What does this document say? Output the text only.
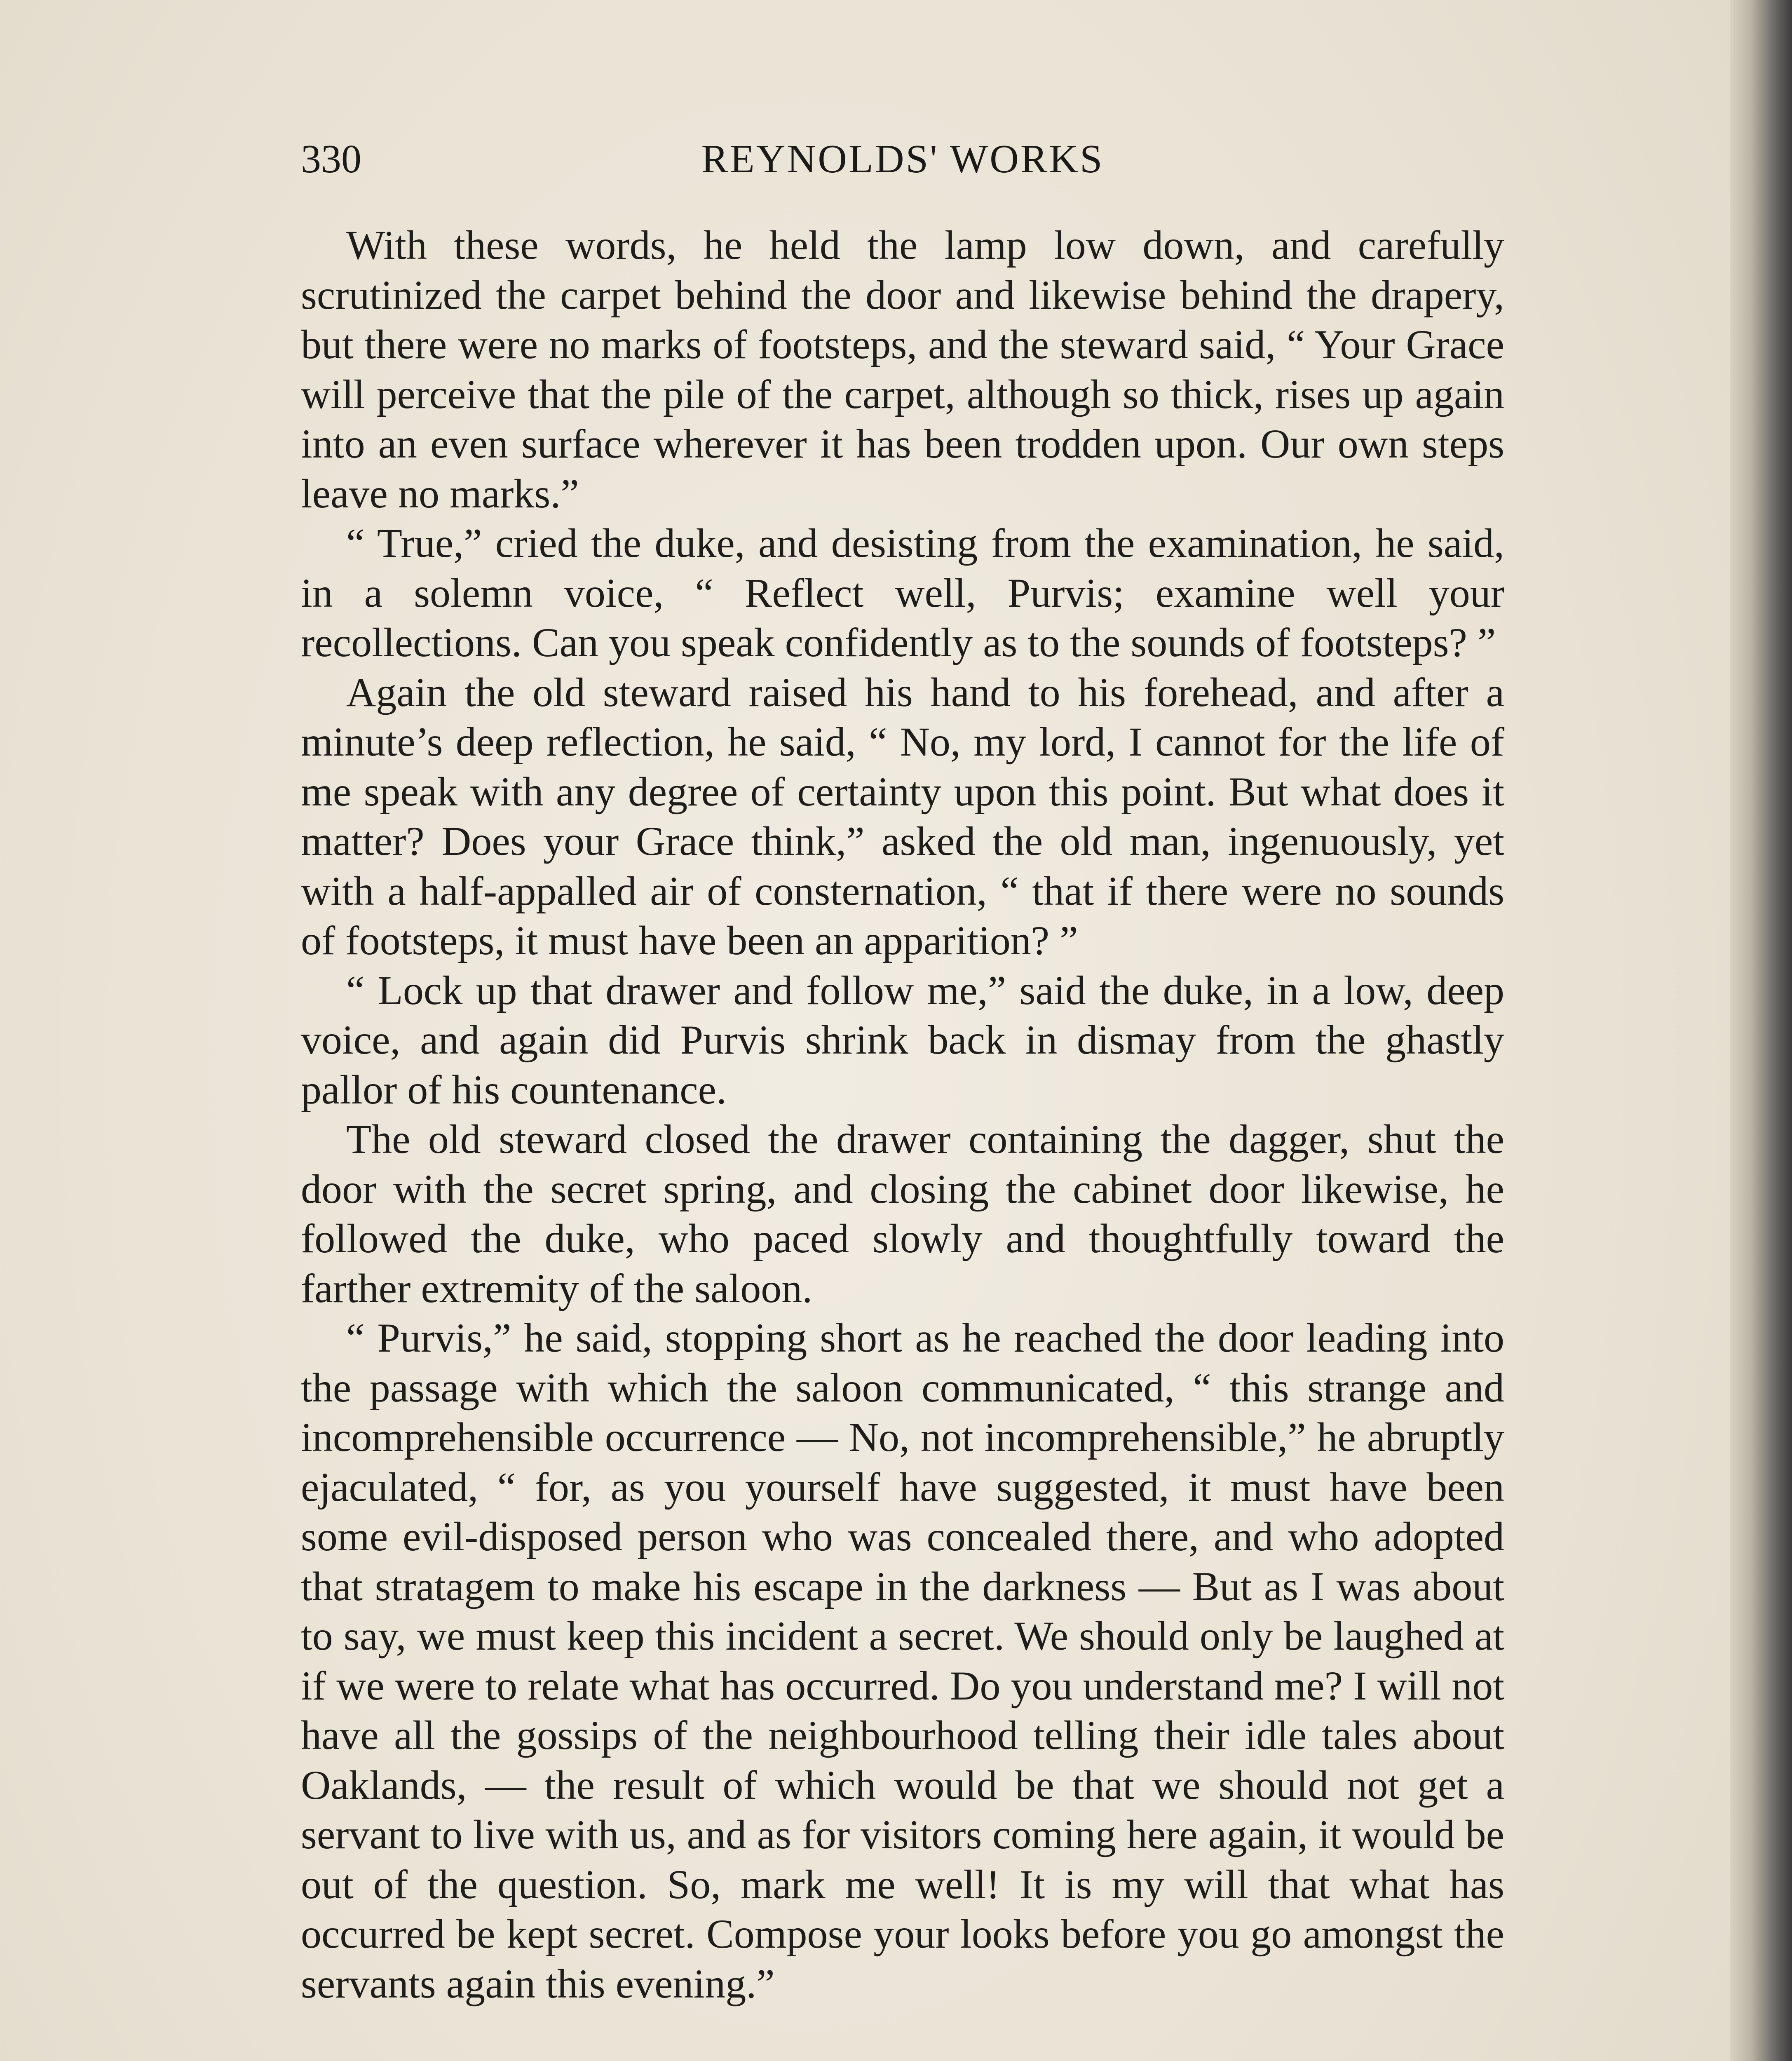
330	REYNOLDS' WORKS

With these words, he held the lamp low down, and carefully scrutinized the carpet behind the door and likewise behind the drapery, but there were no marks of footsteps, and the steward said, “ Your Grace will perceive that the pile of the carpet, although so thick, rises up again into an even surface wherever it has been trodden upon. Our own steps leave no marks.”

“ True,” cried the duke, and desisting from the examination, he said, in a solemn voice, “ Reflect well, Purvis; examine well your recollections. Can you speak confidently as to the sounds of footsteps? ”

Again the old steward raised his hand to his forehead, and after a minute’s deep reflection, he said, “ No, my lord, I cannot for the life of me speak with any degree of certainty upon this point. But what does it matter? Does your Grace think,” asked the old man, ingenuously, yet with a half-appalled air of consternation, “ that if there were no sounds of footsteps, it must have been an apparition? ”

“ Lock up that drawer and follow me,” said the duke, in a low, deep voice, and again did Purvis shrink back in dismay from the ghastly pallor of his countenance.

The old steward closed the drawer containing the dagger, shut the door with the secret spring, and closing the cabinet door likewise, he followed the duke, who paced slowly and thoughtfully toward the farther extremity of the saloon.

“ Purvis,” he said, stopping short as he reached the door leading into the passage with which the saloon communicated, “ this strange and incomprehensible occurrence — No, not incomprehensible,” he abruptly ejaculated, “ for, as you yourself have suggested, it must have been some evil-disposed person who was concealed there, and who adopted that stratagem to make his escape in the darkness — But as I was about to say, we must keep this incident a secret. We should only be laughed at if we were to relate what has occurred. Do you understand me? I will not have all the gossips of the neighbourhood telling their idle tales about Oaklands, — the result of which would be that we should not get a servant to live with us, and as for visitors coming here again, it would be out of the question. So, mark me well! It is my will that what has occurred be kept secret. Compose your looks before you go amongst the servants again this evening.”
